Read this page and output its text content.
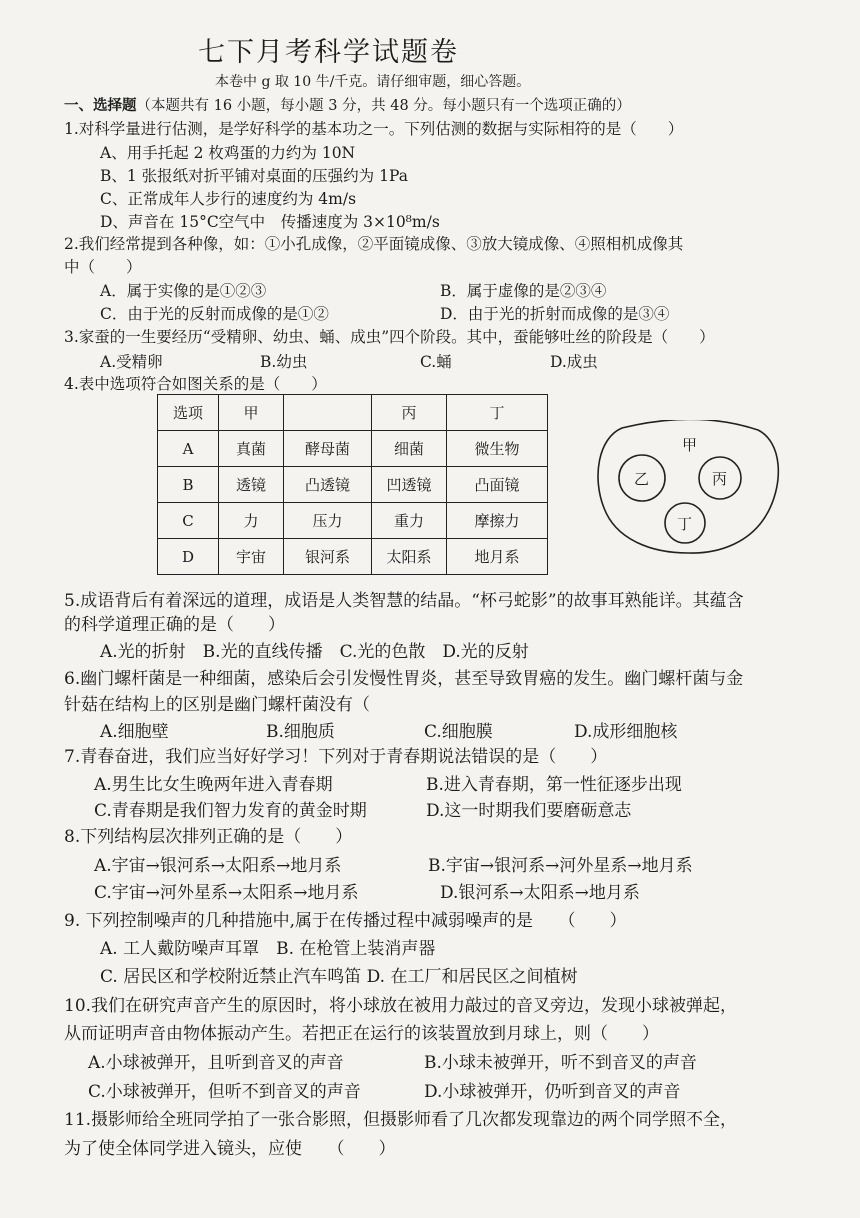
七下月考科学试题卷
本卷中 g 取 10 牛/千克。请仔细审题，细心答题。
一、选择题（本题共有 16 小题，每小题 3 分，共 48 分。每小题只有一个选项正确的）
1.对科学量进行估测，是学好科学的基本功之一。下列估测的数据与实际相符的是（　　）
A、用手托起 2 枚鸡蛋的力约为 10N
B、1 张报纸对折平铺对桌面的压强约为 1Pa
C、正常成年人步行的速度约为 4m/s
D、声音在 15°C空气中　传播速度为 3×10⁸m/s
2.我们经常提到各种像，如：①小孔成像，②平面镜成像、③放大镜成像、④照相机成像其
中（　　）
A．属于实像的是①②③	B．属于虚像的是②③④
C．由于光的反射而成像的是①②	D．由于光的折射而成像的是③④
3.家蚕的一生要经历“受精卵、幼虫、蛹、成虫”四个阶段。其中，蚕能够吐丝的阶段是（　　）
A.受精卵	B.幼虫	C.蛹	D.成虫
4.表中选项符合如图关系的是（　　）
选项	甲		丙	丁
A	真菌	酵母菌	细菌	微生物
B	透镜	凸透镜	凹透镜	凸面镜
C	力	压力	重力	摩擦力
D	宇宙	银河系	太阳系	地月系
甲
乙	丙
丁
5.成语背后有着深远的道理，成语是人类智慧的结晶。“杯弓蛇影”的故事耳熟能详。其蕴含
的科学道理正确的是（　　）
A.光的折射　B.光的直线传播　C.光的色散　D.光的反射
6.幽门螺杆菌是一种细菌，感染后会引发慢性胃炎，甚至导致胃癌的发生。幽门螺杆菌与金
针菇在结构上的区别是幽门螺杆菌没有（
A.细胞壁	B.细胞质	C.细胞膜	D.成形细胞核
7.青春奋进，我们应当好好学习！下列对于青春期说法错误的是（　　）
A.男生比女生晚两年进入青春期	B.进入青春期，第一性征逐步出现
C.青春期是我们智力发育的黄金时期	D.这一时期我们要磨砺意志
8.下列结构层次排列正确的是（　　）
A.宇宙→银河系→太阳系→地月系	B.宇宙→银河系→河外星系→地月系
C.宇宙→河外星系→太阳系→地月系	D.银河系→太阳系→地月系
9. 下列控制噪声的几种措施中,属于在传播过程中减弱噪声的是　　（　　）
A. 工人戴防噪声耳罩　B. 在枪管上装消声器
C. 居民区和学校附近禁止汽车鸣笛 D. 在工厂和居民区之间植树
10.我们在研究声音产生的原因时，将小球放在被用力敲过的音叉旁边，发现小球被弹起，
从而证明声音由物体振动产生。若把正在运行的该装置放到月球上，则（　　）
A.小球被弹开，且听到音叉的声音	B.小球未被弹开，听不到音叉的声音
C.小球被弹开，但听不到音叉的声音	D.小球被弹开，仍听到音叉的声音
11.摄影师给全班同学拍了一张合影照，但摄影师看了几次都发现靠边的两个同学照不全，
为了使全体同学进入镜头，应使　　（　　）
